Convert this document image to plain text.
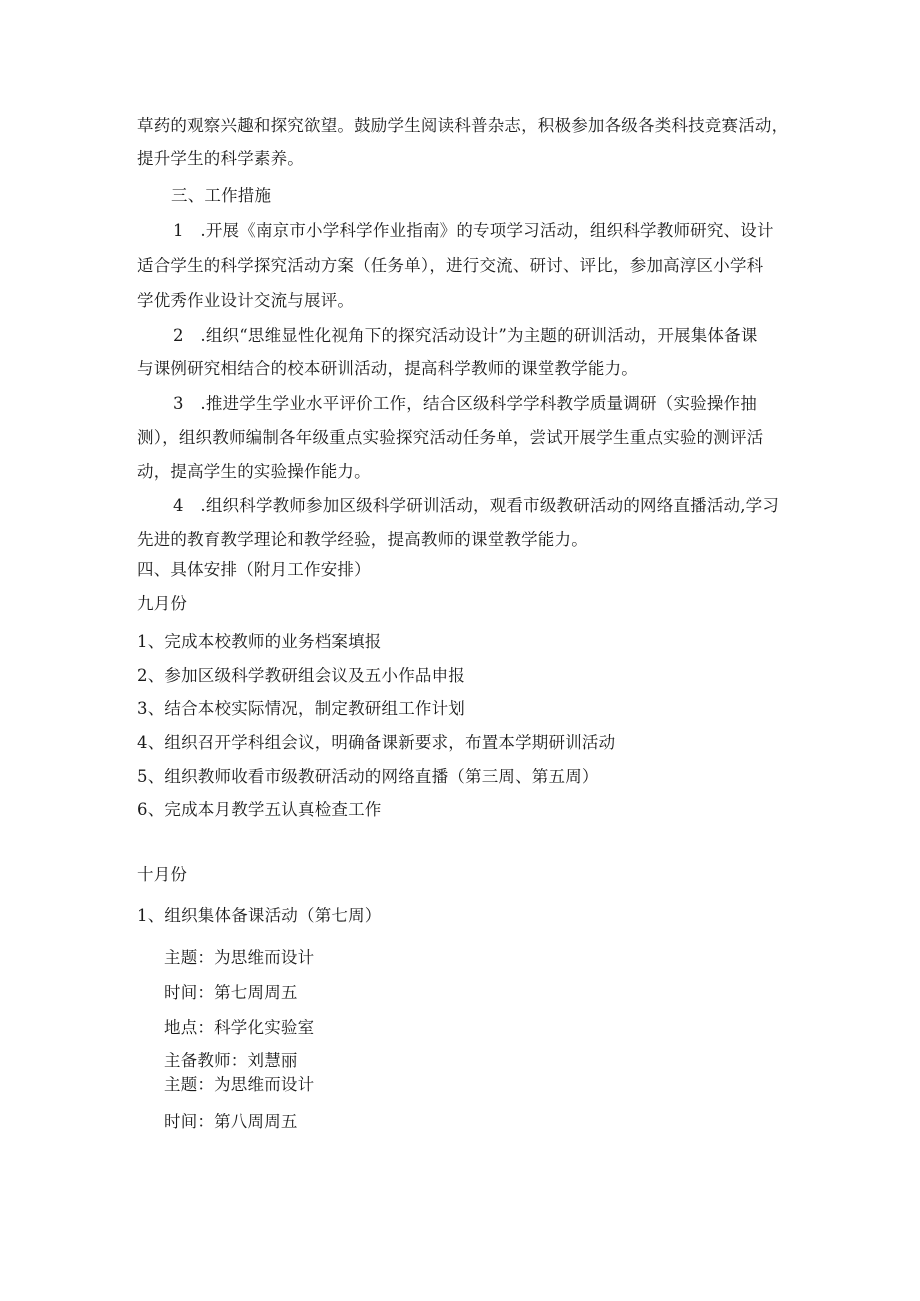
草药的观察兴趣和探究欲望。鼓励学生阅读科普杂志，积极参加各级各类科技竞赛活动，
提升学生的科学素养。
三、工作措施
1　.开展《南京市小学科学作业指南》的专项学习活动，组织科学教师研究、设计
适合学生的科学探究活动方案（任务单），进行交流、研讨、评比，参加高淳区小学科
学优秀作业设计交流与展评。
2　.组织“思维显性化视角下的探究活动设计”为主题的研训活动，开展集体备课
与课例研究相结合的校本研训活动，提高科学教师的课堂教学能力。
3　.推进学生学业水平评价工作，结合区级科学学科教学质量调研（实验操作抽
测），组织教师编制各年级重点实验探究活动任务单，尝试开展学生重点实验的测评活
动，提高学生的实验操作能力。
4　.组织科学教师参加区级科学研训活动，观看市级教研活动的网络直播活动,学习
先进的教育教学理论和教学经验，提高教师的课堂教学能力。
四、具体安排（附月工作安排）
九月份
1、完成本校教师的业务档案填报
2、参加区级科学教研组会议及五小作品申报
3、结合本校实际情况，制定教研组工作计划
4、组织召开学科组会议，明确备课新要求，布置本学期研训活动
5、组织教师收看市级教研活动的网络直播（第三周、第五周）
6、完成本月教学五认真检查工作
十月份
1、组织集体备课活动（第七周）
主题：为思维而设计
时间：第七周周五
地点：科学化实验室
主备教师：刘慧丽
主题：为思维而设计
时间：第八周周五
